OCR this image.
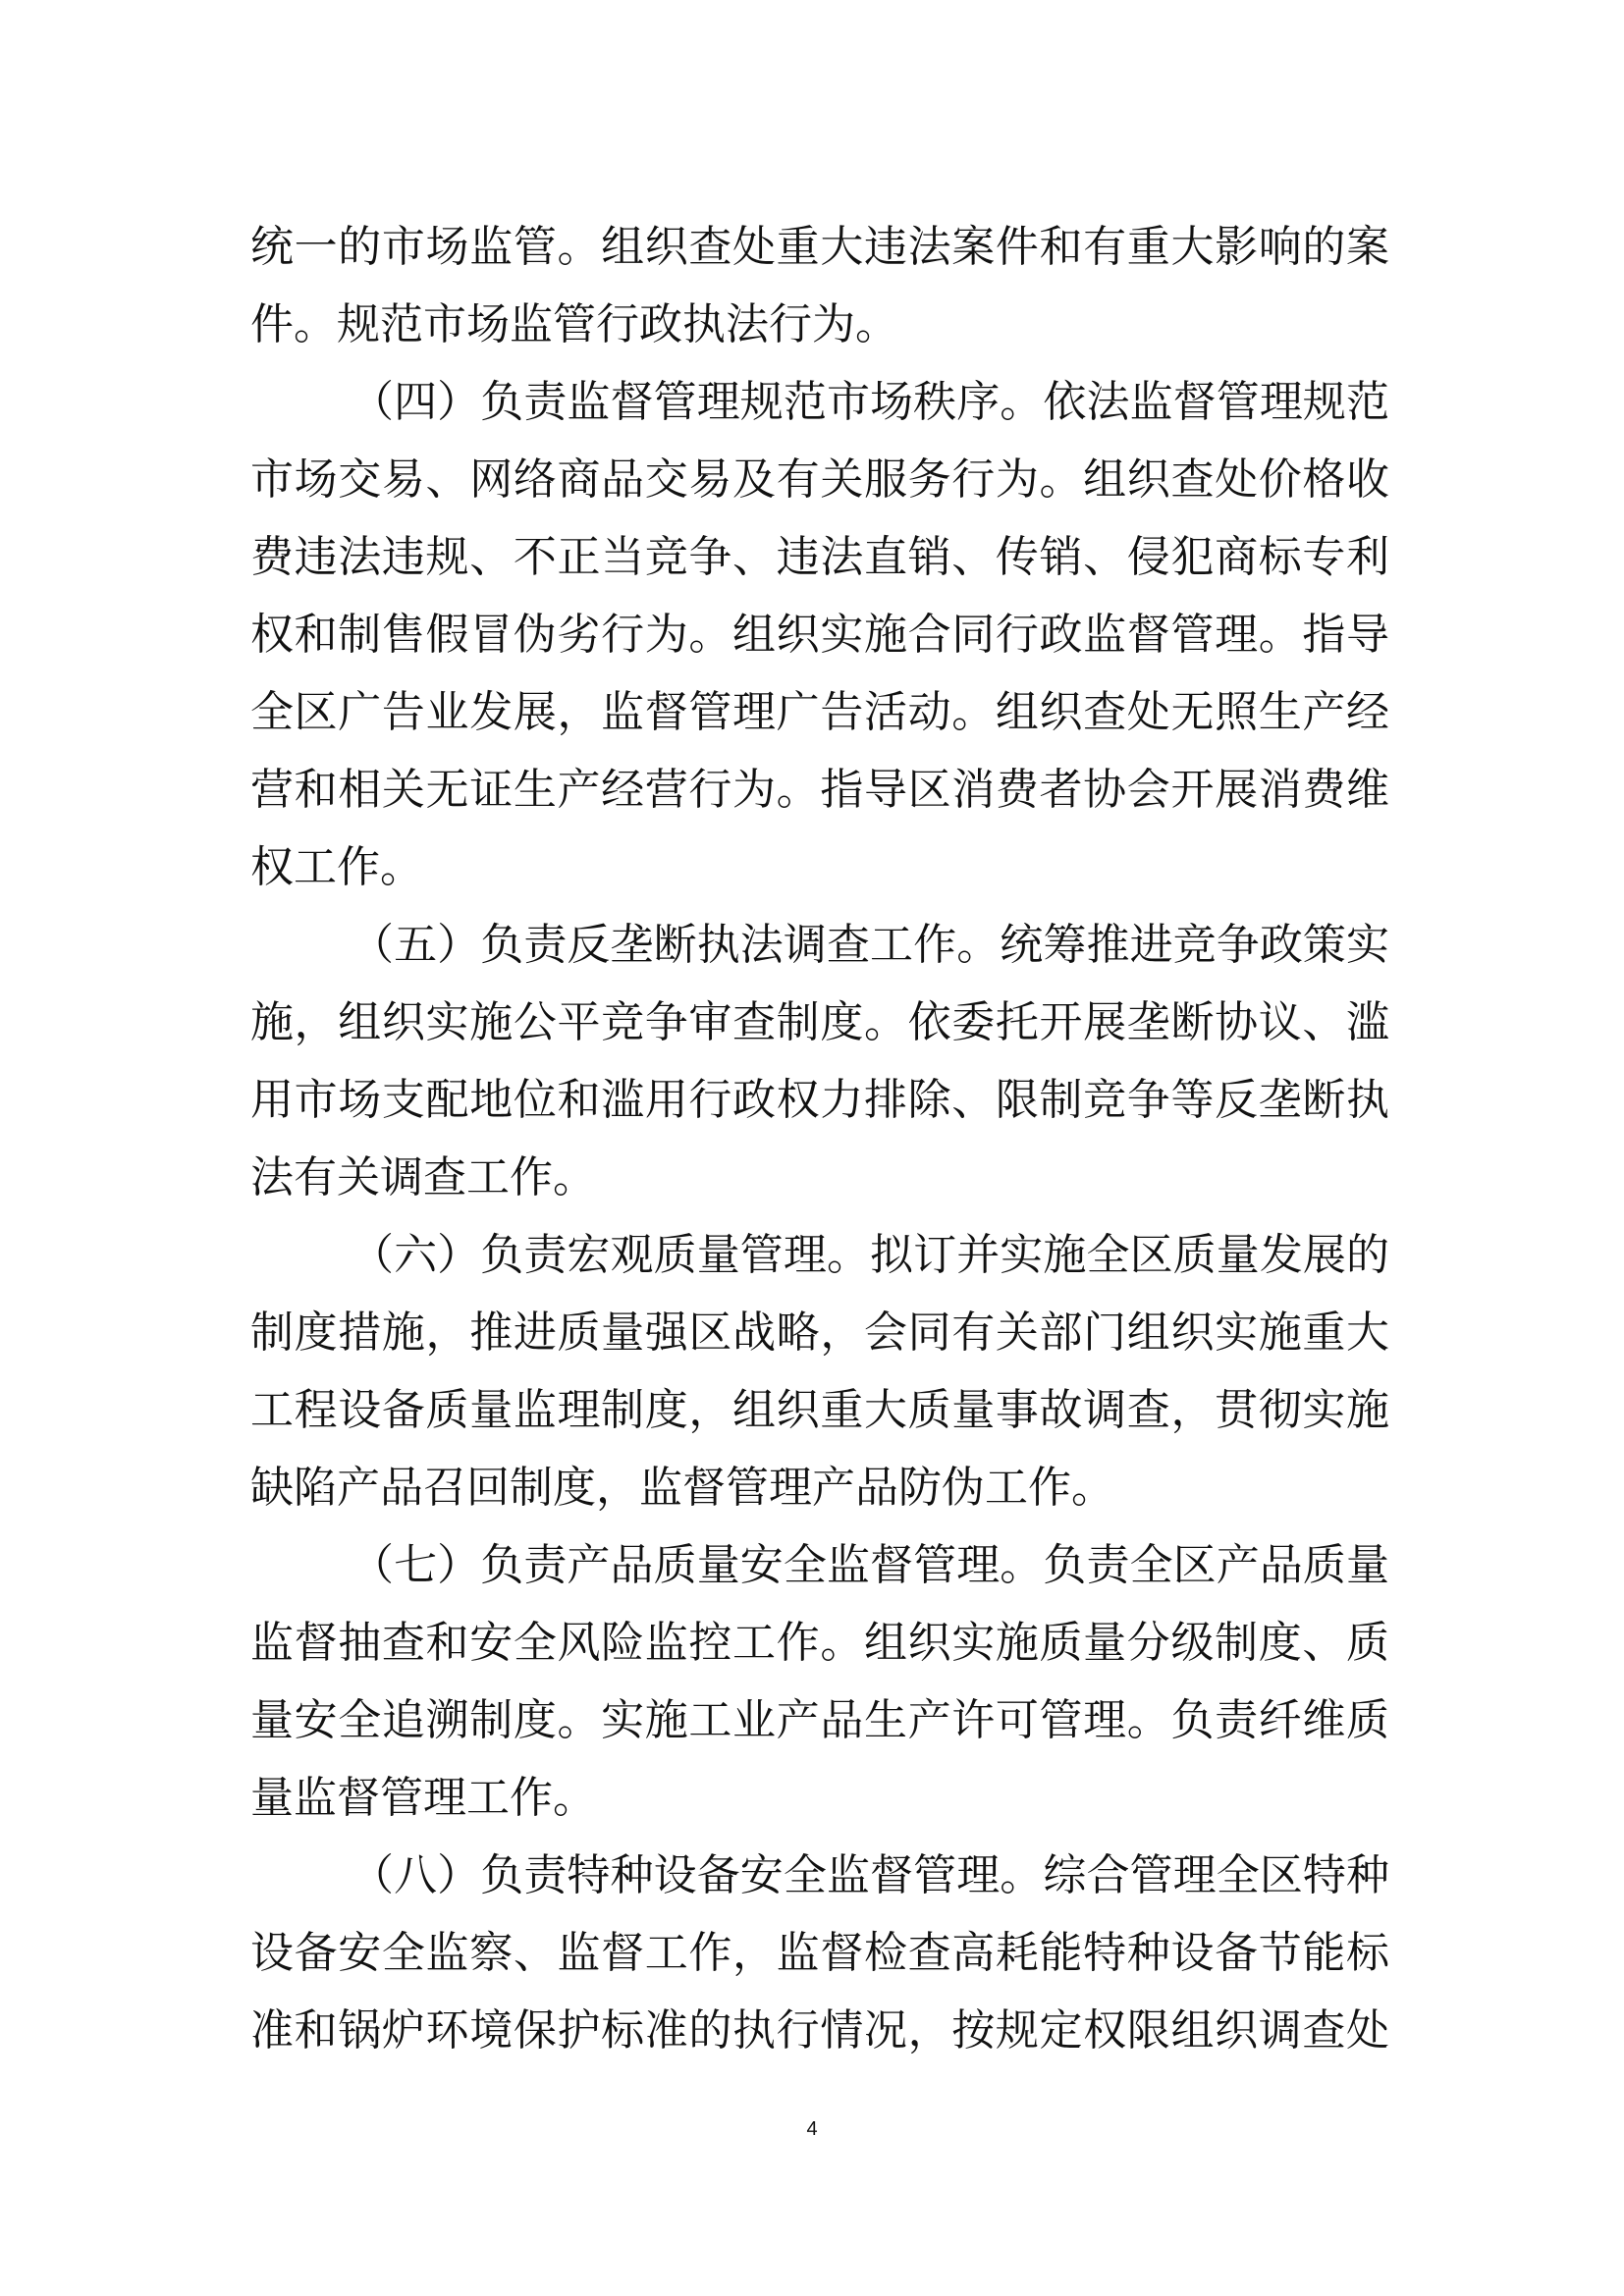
统一的市场监管。组织查处重大违法案件和有重大影响的案
件。规范市场监管行政执法行为。
（四）负责监督管理规范市场秩序。依法监督管理规范
市场交易、网络商品交易及有关服务行为。组织查处价格收
费违法违规、不正当竞争、违法直销、传销、侵犯商标专利
权和制售假冒伪劣行为。组织实施合同行政监督管理。指导
全区广告业发展，监督管理广告活动。组织查处无照生产经
营和相关无证生产经营行为。指导区消费者协会开展消费维
权工作。
（五）负责反垄断执法调查工作。统筹推进竞争政策实
施，组织实施公平竞争审查制度。依委托开展垄断协议、滥
用市场支配地位和滥用行政权力排除、限制竞争等反垄断执
法有关调查工作。
（六）负责宏观质量管理。拟订并实施全区质量发展的
制度措施，推进质量强区战略，会同有关部门组织实施重大
工程设备质量监理制度，组织重大质量事故调查，贯彻实施
缺陷产品召回制度，监督管理产品防伪工作。
（七）负责产品质量安全监督管理。负责全区产品质量
监督抽查和安全风险监控工作。组织实施质量分级制度、质
量安全追溯制度。实施工业产品生产许可管理。负责纤维质
量监督管理工作。
（八）负责特种设备安全监督管理。综合管理全区特种
设备安全监察、监督工作，监督检查高耗能特种设备节能标
准和锅炉环境保护标准的执行情况，按规定权限组织调查处
4
